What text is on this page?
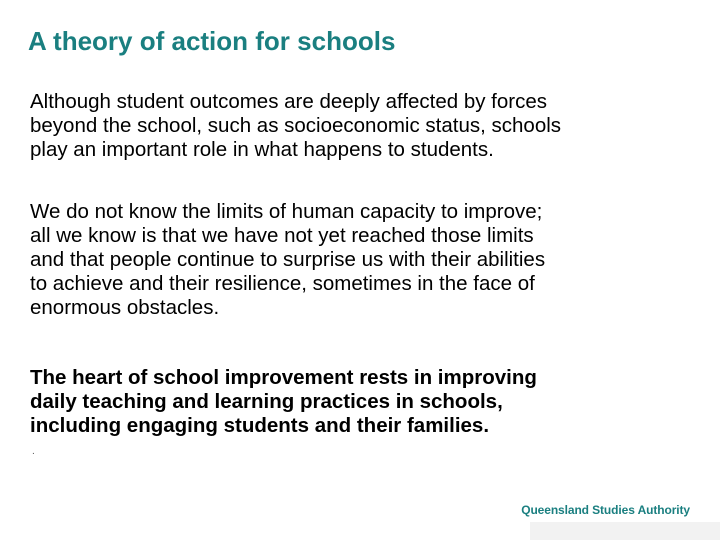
A theory of action for schools

Although student outcomes are deeply affected by forces
beyond the school, such as socioeconomic status, schools
play an important role in what happens to students.

We do not know the limits of human capacity to improve;
all we know is that we have not yet reached those limits
and that people continue to surprise us with their abilities
to achieve and their resilience, sometimes in the face of
enormous obstacles.

The heart of school improvement rests in improving
daily teaching and learning practices in schools,
including engaging students and their families.

.

Queensland Studies Authority
